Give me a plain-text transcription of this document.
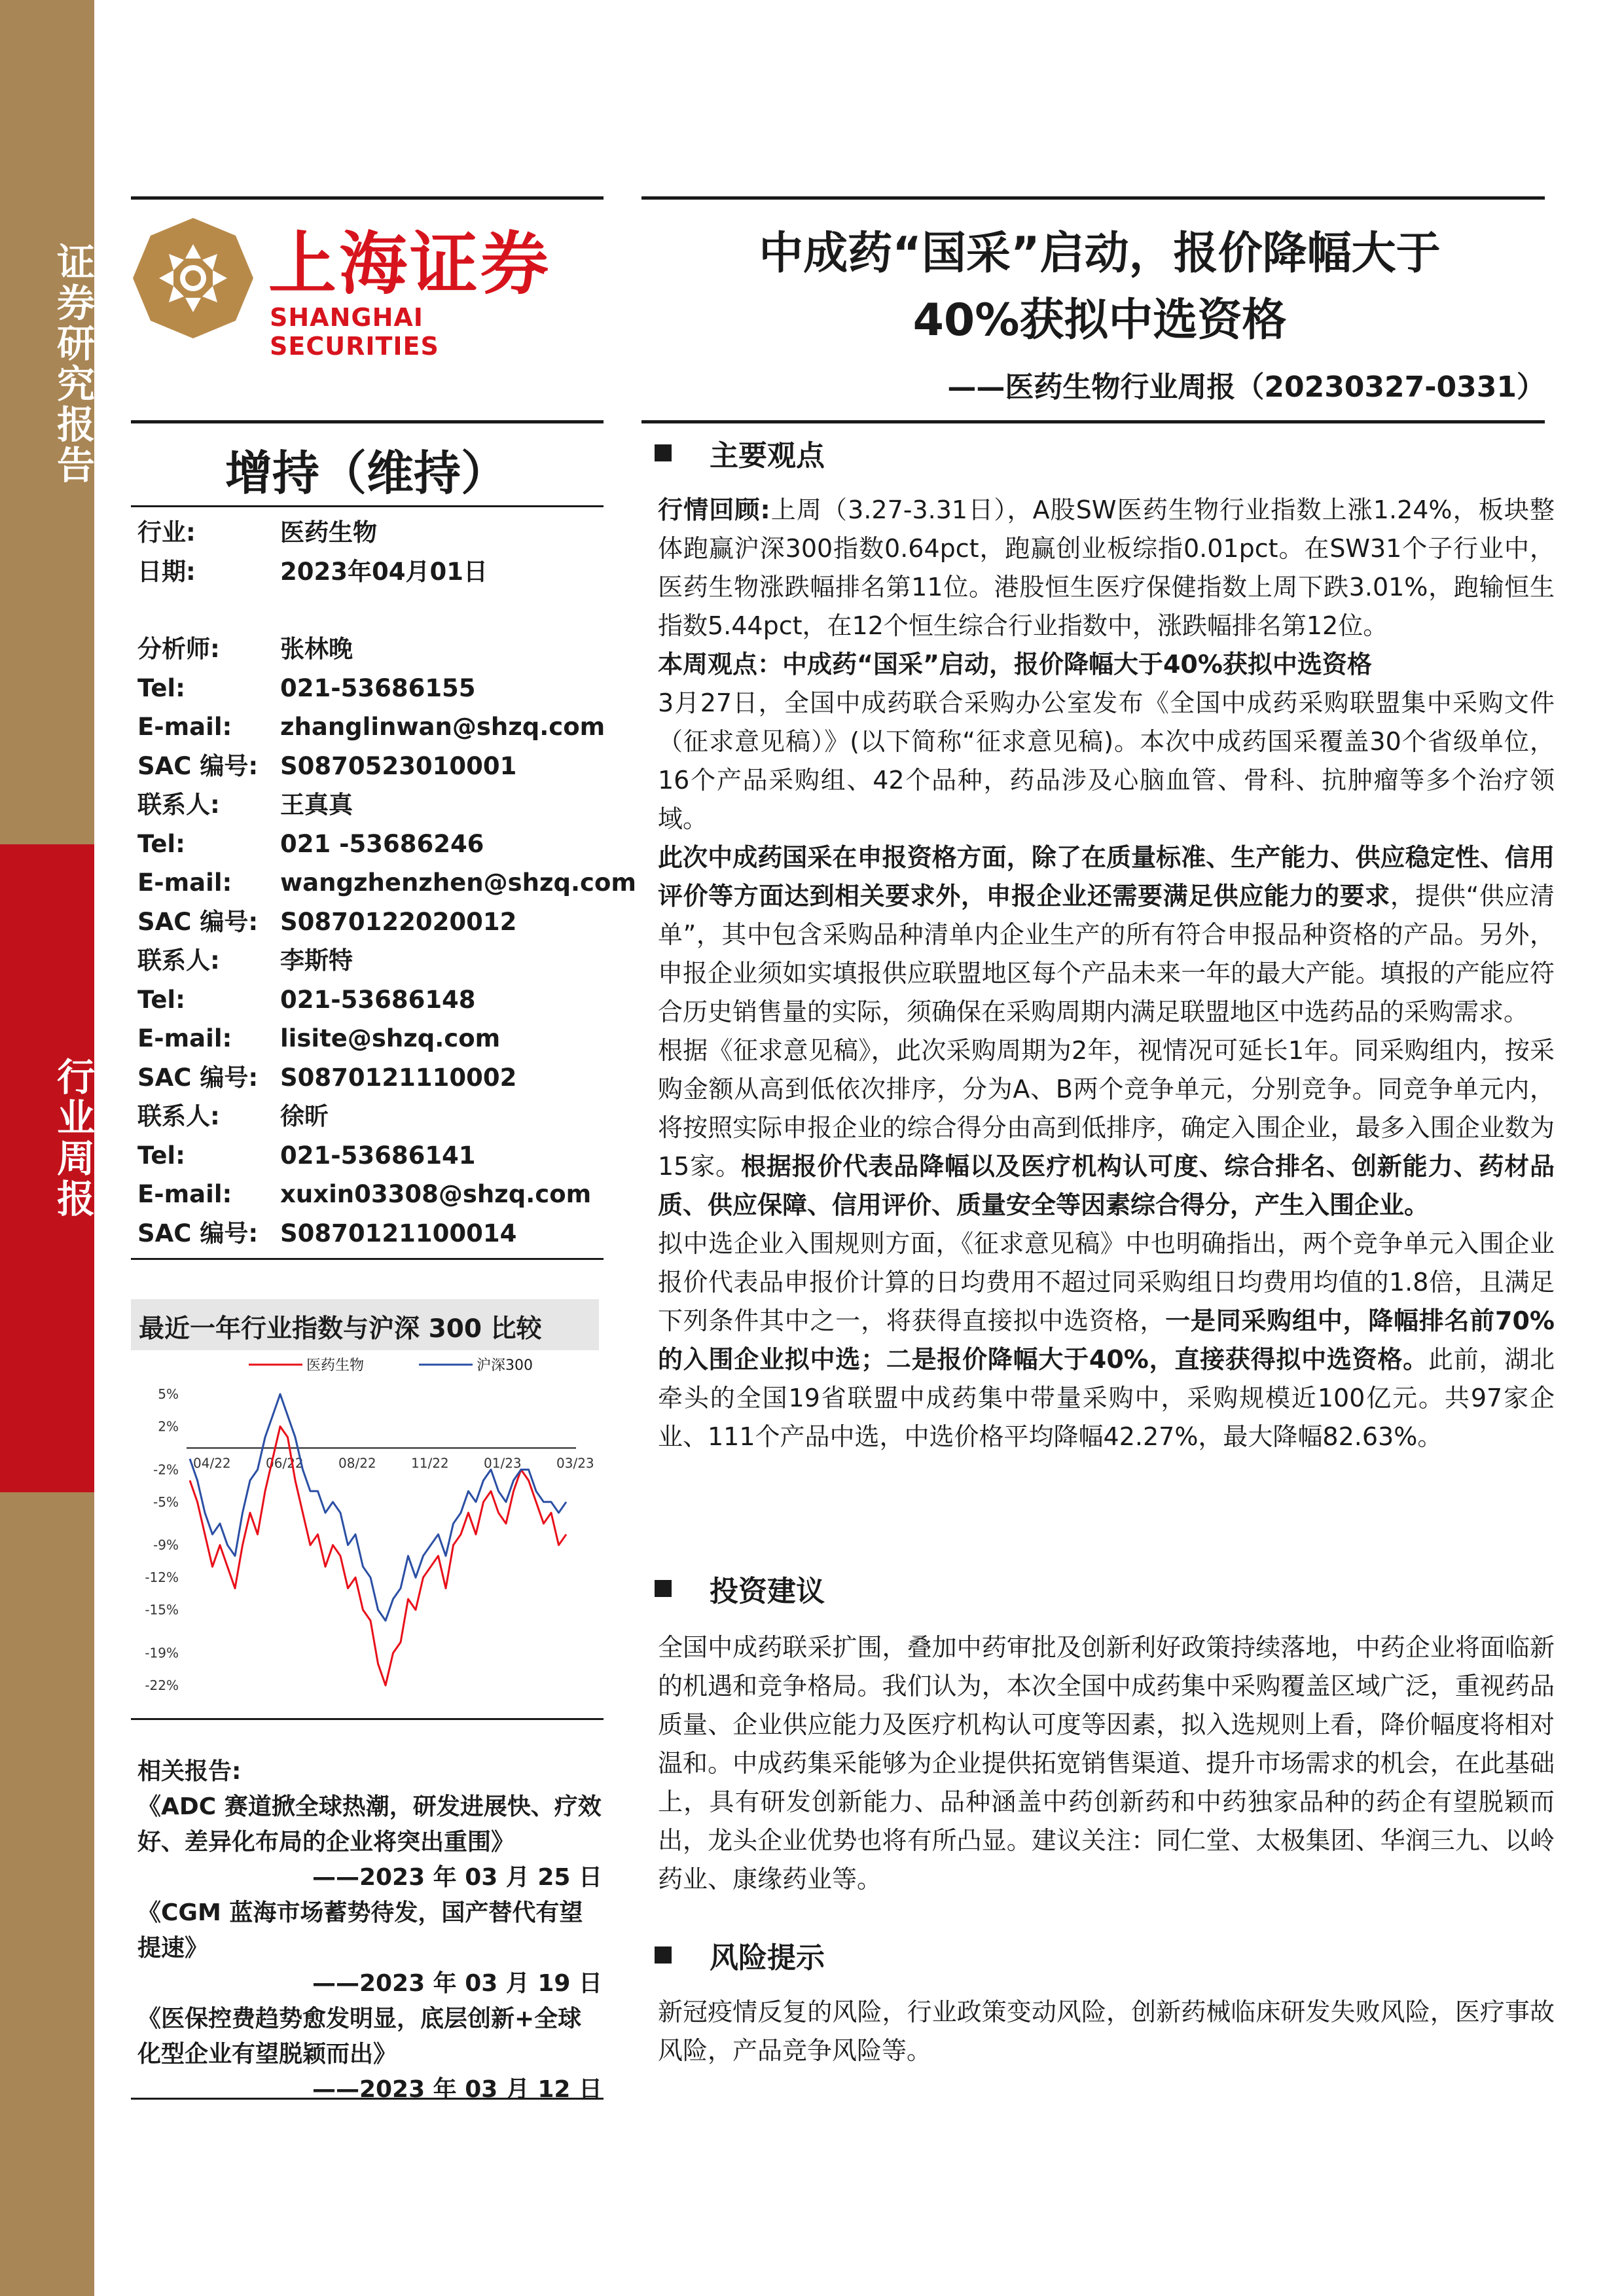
证券研究报告
行业周报
上海证券
SHANGHAI SECURITIES
中成药“国采”启动，报价降幅大于
40%获拟中选资格
——医药生物行业周报（20230327-0331）
增持（维持）
行业:	医药生物
日期:	2023年04月01日
分析师:	张林晚
Tel:	021-53686155
E-mail:	zhanglinwan@shzq.com
SAC 编号: S0870523010001
联系人:	王真真
Tel:	021 -53686246
E-mail:	wangzhenzhen@shzq.com
SAC 编号: S0870122020012
联系人:	李斯特
Tel:	021-53686148
E-mail:	lisite@shzq.com
SAC 编号: S0870121110002
联系人:	徐昕
Tel:	021-53686141
E-mail:	xuxin03308@shzq.com
SAC 编号: S0870121100014
最近一年行业指数与沪深 300 比较
医药生物	沪深300
5%
2%
-2%
-5%
-9%
-12%
-15%
-19%
-22%
04/22	06/22	08/22	11/22	01/23	03/23
相关报告:
《ADC 赛道掀全球热潮，研发进展快、疗效好、差异化布局的企业将突出重围》
——2023 年 03 月 25 日
《CGM 蓝海市场蓄势待发，国产替代有望提速》
——2023 年 03 月 19 日
《医保控费趋势愈发明显，底层创新+全球化型企业有望脱颖而出》
——2023 年 03 月 12 日
主要观点

行情回顾:上周（3.27-3.31日），A股SW医药生物行业指数上涨1.24%，板块整体跑赢沪深300指数0.64pct，跑赢创业板综指0.01pct。在SW31个子行业中，医药生物涨跌幅排名第11位。港股恒生医疗保健指数上周下跌3.01%，跑输恒生指数5.44pct，在12个恒生综合行业指数中，涨跌幅排名第12位。

本周观点：中成药“国采”启动，报价降幅大于40%获拟中选资格

3月27日，全国中成药联合采购办公室发布《全国中成药采购联盟集中采购文件（征求意见稿）》(以下简称“征求意见稿)。本次中成药国采覆盖30个省级单位，16个产品采购组、42个品种，药品涉及心脑血管、骨科、抗肿瘤等多个治疗领域。

此次中成药国采在申报资格方面，除了在质量标准、生产能力、供应稳定性、信用评价等方面达到相关要求外，申报企业还需要满足供应能力的要求，提供“供应清单”，其中包含采购品种清单内企业生产的所有符合申报品种资格的产品。另外，申报企业须如实填报供应联盟地区每个产品未来一年的最大产能。填报的产能应符合历史销售量的实际，须确保在采购周期内满足联盟地区中选药品的采购需求。

根据《征求意见稿》，此次采购周期为2年，视情况可延长1年。同采购组内，按采购金额从高到低依次排序，分为A、B两个竞争单元，分别竞争。同竞争单元内，将按照实际申报企业的综合得分由高到低排序，确定入围企业，最多入围企业数为15家。根据报价代表品降幅以及医疗机构认可度、综合排名、创新能力、药材品质、供应保障、信用评价、质量安全等因素综合得分，产生入围企业。

拟中选企业入围规则方面，《征求意见稿》中也明确指出，两个竞争单元入围企业报价代表品申报价计算的日均费用不超过同采购组日均费用均值的1.8倍，且满足下列条件其中之一，将获得直接拟中选资格，一是同采购组中，降幅排名前70%的入围企业拟中选；二是报价降幅大于40%，直接获得拟中选资格。此前，湖北牵头的全国19省联盟中成药集中带量采购中，采购规模近100亿元。共97家企业、111个产品中选，中选价格平均降幅42.27%，最大降幅82.63%。

投资建议
全国中成药联采扩围，叠加中药审批及创新利好政策持续落地，中药企业将面临新的机遇和竞争格局。我们认为，本次全国中成药集中采购覆盖区域广泛，重视药品质量、企业供应能力及医疗机构认可度等因素，拟入选规则上看，降价幅度将相对温和。中成药集采能够为企业提供拓宽销售渠道、提升市场需求的机会，在此基础上，具有研发创新能力、品种涵盖中药创新药和中药独家品种的药企有望脱颖而出，龙头企业优势也将有所凸显。建议关注：同仁堂、太极集团、华润三九、以岭药业、康缘药业等。
风险提示
新冠疫情反复的风险，行业政策变动风险，创新药械临床研发失败风险，医疗事故风险，产品竞争风险等。
